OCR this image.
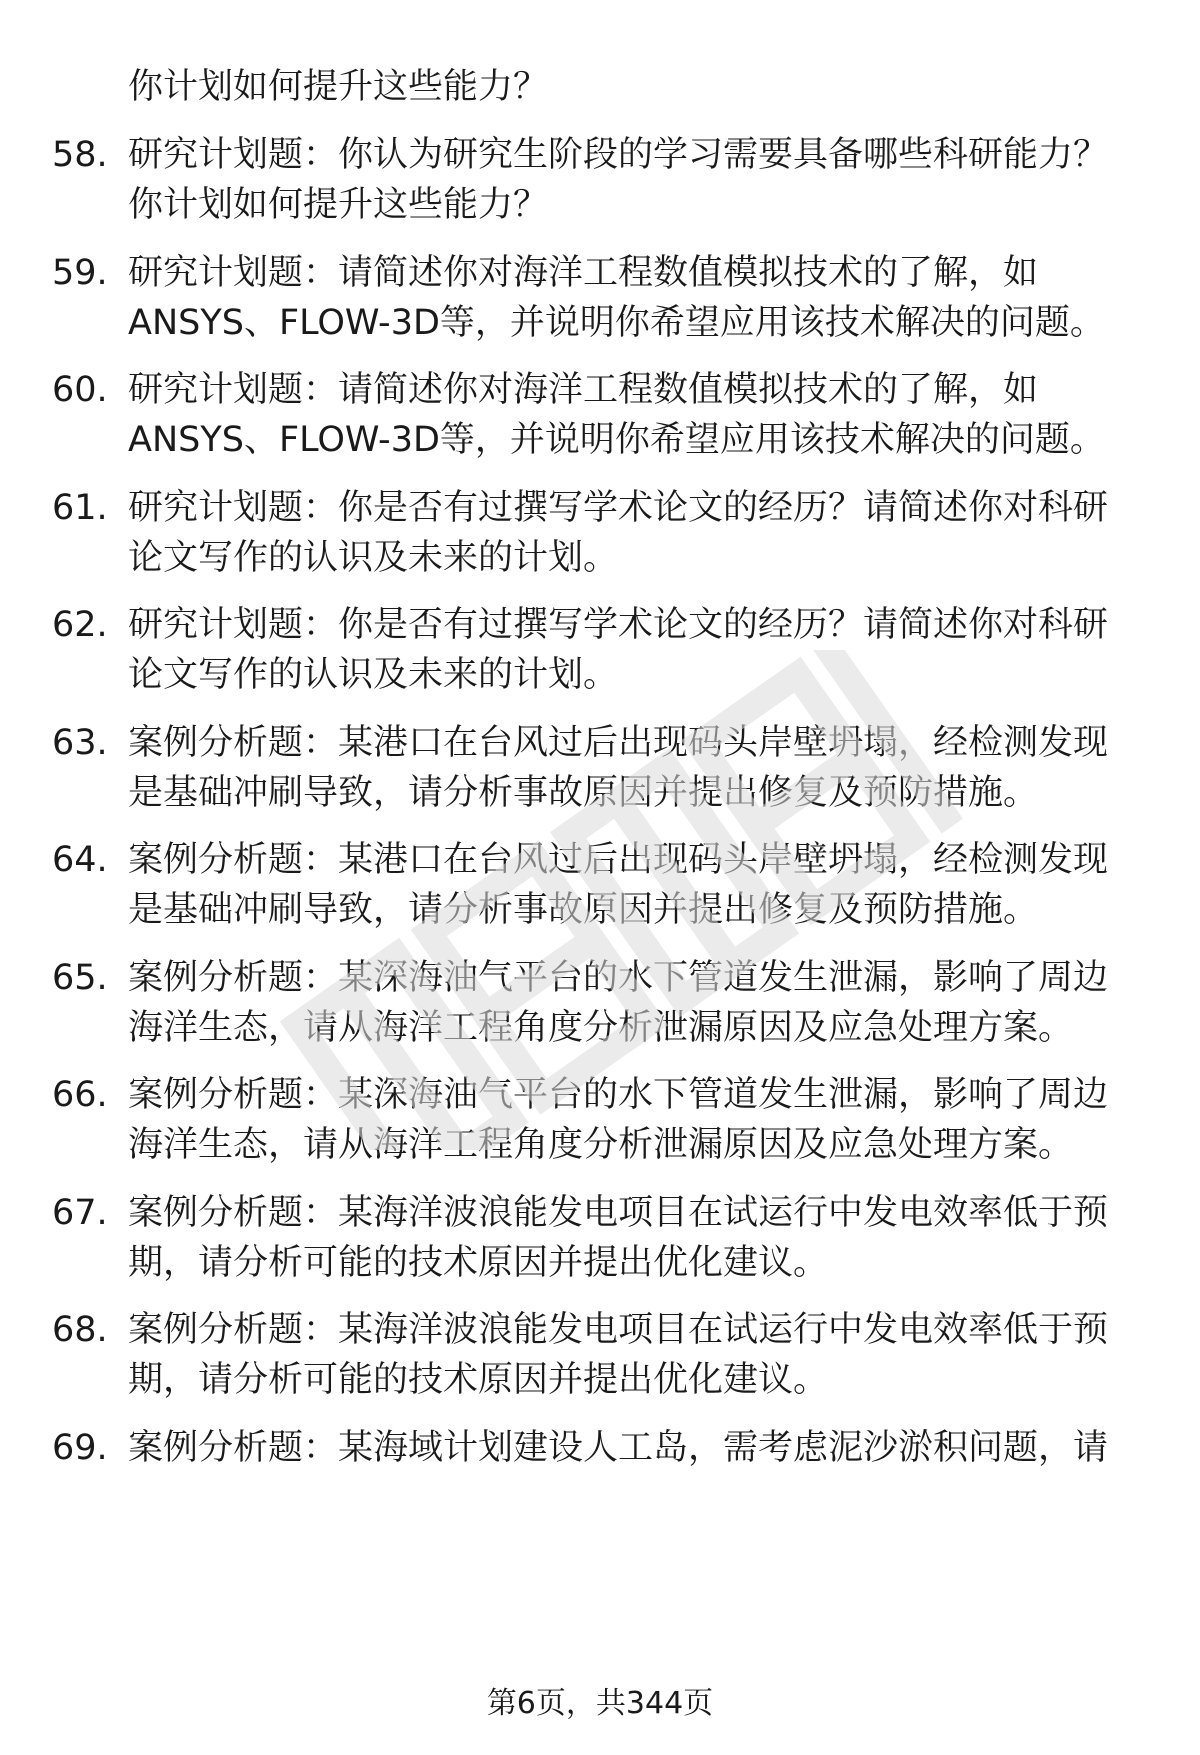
你计划如何提升这些能力？
58. 研究计划题：你认为研究生阶段的学习需要具备哪些科研能力？
你计划如何提升这些能力？
59. 研究计划题：请简述你对海洋工程数值模拟技术的了解，如
ANSYS、FLOW-3D等，并说明你希望应用该技术解决的问题。
60. 研究计划题：请简述你对海洋工程数值模拟技术的了解，如
ANSYS、FLOW-3D等，并说明你希望应用该技术解决的问题。
61. 研究计划题：你是否有过撰写学术论文的经历？请简述你对科研
论文写作的认识及未来的计划。
62. 研究计划题：你是否有过撰写学术论文的经历？请简述你对科研
论文写作的认识及未来的计划。
63. 案例分析题：某港口在台风过后出现码头岸壁坍塌，经检测发现
是基础冲刷导致，请分析事故原因并提出修复及预防措施。
64. 案例分析题：某港口在台风过后出现码头岸壁坍塌，经检测发现
是基础冲刷导致，请分析事故原因并提出修复及预防措施。
65. 案例分析题：某深海油气平台的水下管道发生泄漏，影响了周边
海洋生态，请从海洋工程角度分析泄漏原因及应急处理方案。
66. 案例分析题：某深海油气平台的水下管道发生泄漏，影响了周边
海洋生态，请从海洋工程角度分析泄漏原因及应急处理方案。
67. 案例分析题：某海洋波浪能发电项目在试运行中发电效率低于预
期，请分析可能的技术原因并提出优化建议。
68. 案例分析题：某海洋波浪能发电项目在试运行中发电效率低于预
期，请分析可能的技术原因并提出优化建议。
69. 案例分析题：某海域计划建设人工岛，需考虑泥沙淤积问题，请
第6页，共344页
